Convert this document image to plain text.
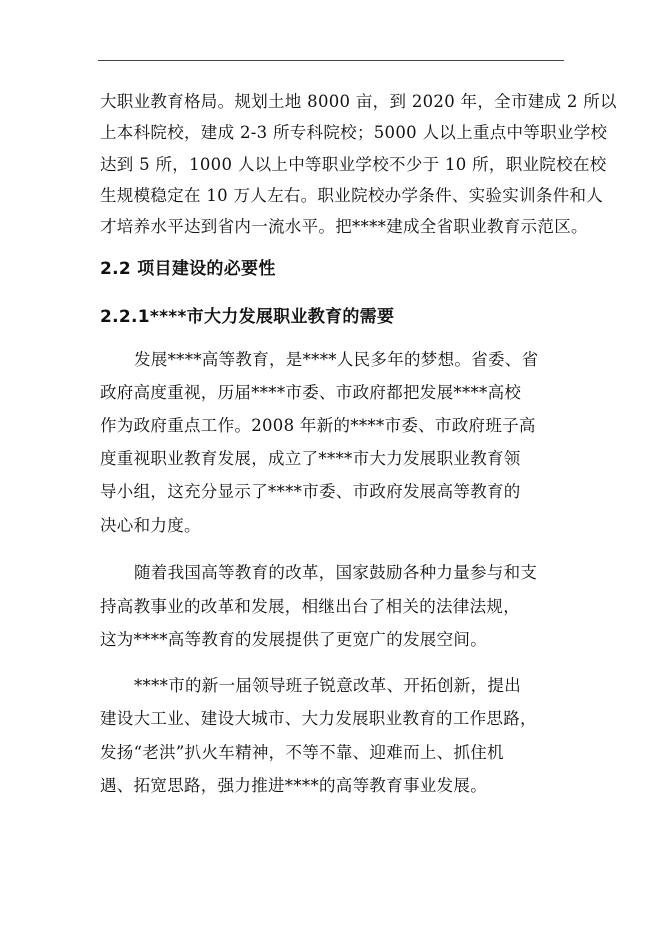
大职业教育格局。规划土地 8000 亩，到 2020 年，全市建成 2 所以
上本科院校，建成 2-3 所专科院校；5000 人以上重点中等职业学校
达到 5 所，1000 人以上中等职业学校不少于 10 所，职业院校在校
生规模稳定在 10 万人左右。职业院校办学条件、实验实训条件和人
才培养水平达到省内一流水平。把****建成全省职业教育示范区。
2.2 项目建设的必要性
2.2.1****市大力发展职业教育的需要
发展****高等教育，是****人民多年的梦想。省委、省
政府高度重视，历届****市委、市政府都把发展****高校
作为政府重点工作。2008 年新的****市委、市政府班子高
度重视职业教育发展，成立了****市大力发展职业教育领
导小组，这充分显示了****市委、市政府发展高等教育的
决心和力度。
随着我国高等教育的改革，国家鼓励各种力量参与和支
持高教事业的改革和发展，相继出台了相关的法律法规，
这为****高等教育的发展提供了更宽广的发展空间。
****市的新一届领导班子锐意改革、开拓创新，提出
建设大工业、建设大城市、大力发展职业教育的工作思路，
发扬“老洪”扒火车精神，不等不靠、迎难而上、抓住机
遇、拓宽思路，强力推进****的高等教育事业发展。
